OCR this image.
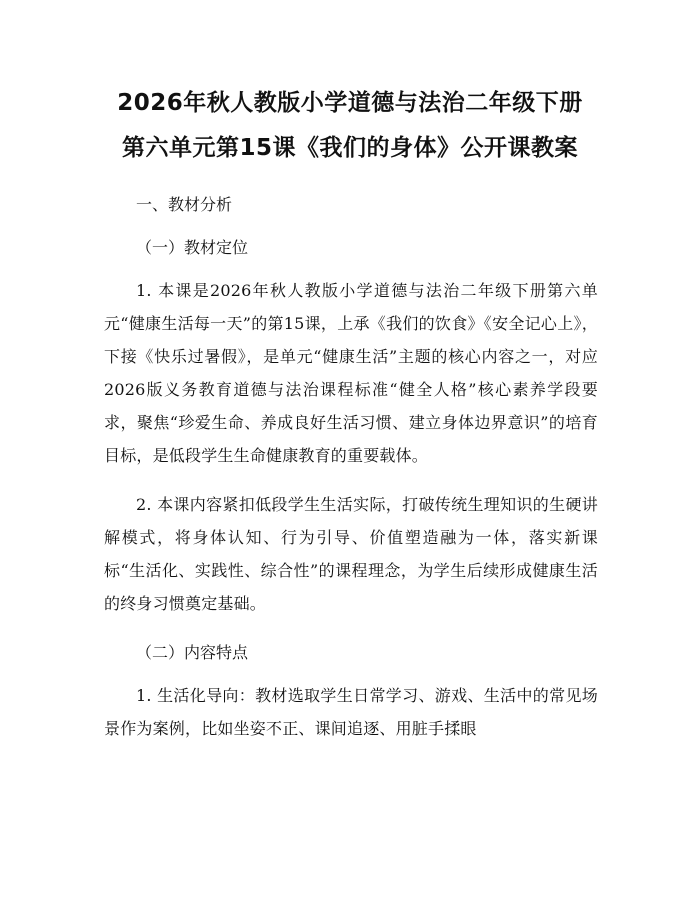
2026年秋人教版小学道德与法治二年级下册
第六单元第15课《我们的身体》公开课教案

一、教材分析

（一）教材定位

1. 本课是2026年秋人教版小学道德与法治二年级下册第六单元“健康生活每一天”的第15课，上承《我们的饮食》《安全记心上》，下接《快乐过暑假》，是单元“健康生活”主题的核心内容之一，对应2026版义务教育道德与法治课程标准“健全人格”核心素养学段要求，聚焦“珍爱生命、养成良好生活习惯、建立身体边界意识”的培育目标，是低段学生生命健康教育的重要载体。

2. 本课内容紧扣低段学生生活实际，打破传统生理知识的生硬讲解模式，将身体认知、行为引导、价值塑造融为一体，落实新课标“生活化、实践性、综合性”的课程理念，为学生后续形成健康生活的终身习惯奠定基础。

（二）内容特点

1. 生活化导向：教材选取学生日常学习、游戏、生活中的常见场景作为案例，比如坐姿不正、课间追逐、用脏手揉眼
